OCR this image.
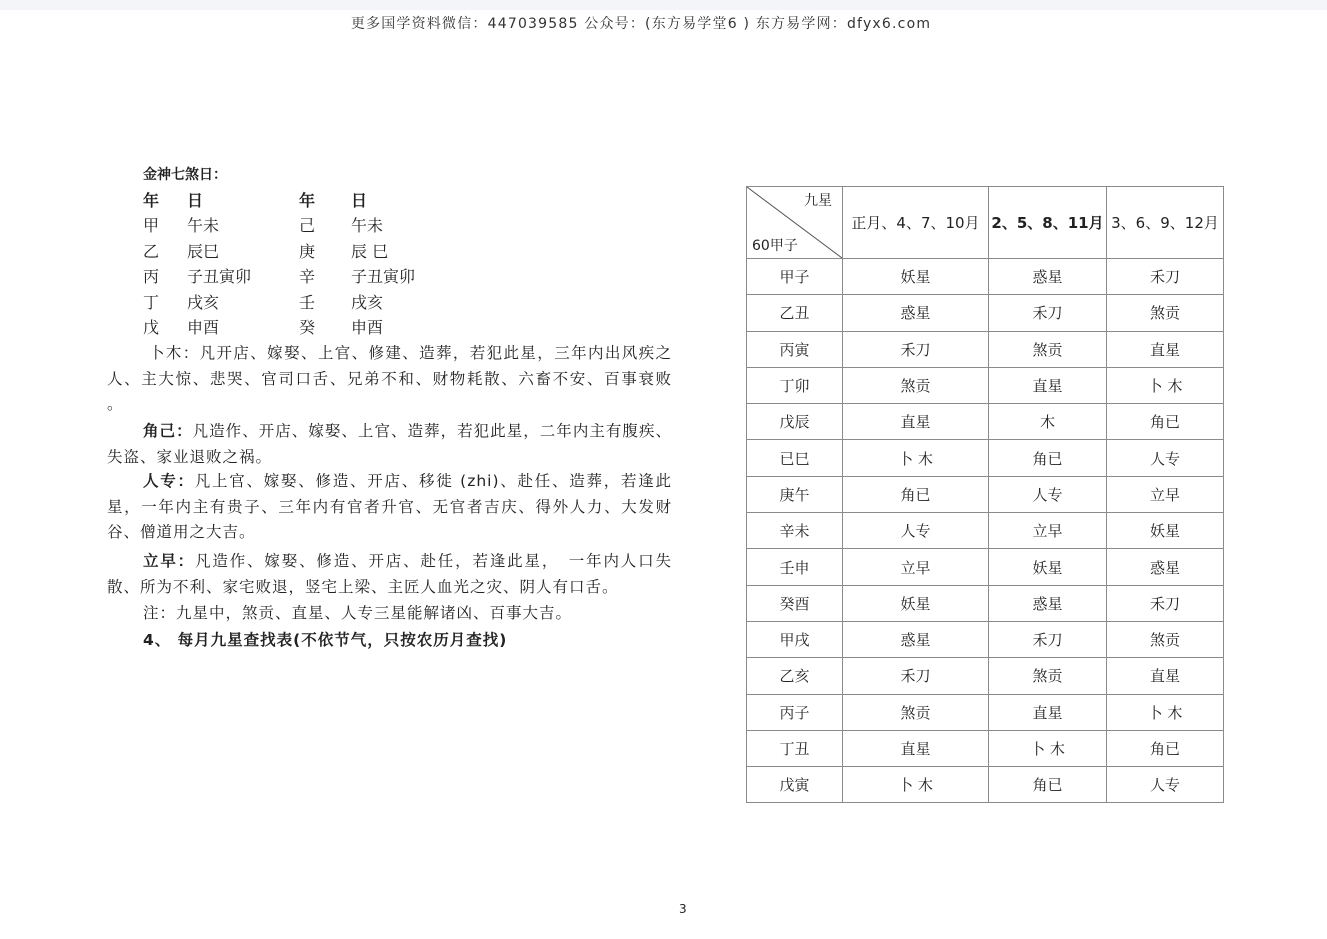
更多国学资料微信：447039585 公众号：(东方易学堂6 ) 东方易学网：dfyx6.com
金神七煞日：
年 日	年 日
甲 午未	己 午未
乙 辰巳	庚 辰 巳
丙 子丑寅卯	辛 子丑寅卯
丁 戌亥	壬 戌亥
戊 申酉	癸 申酉
卜木：凡开店、嫁娶、上官、修建、造葬，若犯此星，三年内出风疾之人、主大惊、悲哭、官司口舌、兄弟不和、财物耗散、六畜不安、百事衰败 。
角己：凡造作、开店、嫁娶、上官、造葬，若犯此星，二年内主有腹疾、失盗、家业退败之祸。
人专：凡上官、嫁娶、修造、开店、移徙 (zhi)、赴任、造葬，若逢此星，一年内主有贵子、三年内有官者升官、无官者吉庆、得外人力、大发财谷、僧道用之大吉。
立早：凡造作、嫁娶、修造、开店、赴任，若逢此星，　一年内人口失散、所为不利、家宅败退，竖宅上梁、主匠人血光之灾、阴人有口舌。
注：九星中，煞贡、直星、人专三星能解诸凶、百事大吉。
4、 每月九星查找表(不依节气，只按农历月查找)
九星
60甲子	正月、4、7、10月	2、5、8、11月	3、6、9、12月
甲子	妖星	惑星	禾刀
乙丑	惑星	禾刀	煞贡
丙寅	禾刀	煞贡	直星
丁卯	煞贡	直星	卜 木
戊辰	直星	木	角已
已巳	卜 木	角已	人专
庚午	角已	人专	立早
辛未	人专	立早	妖星
壬申	立早	妖星	惑星
癸酉	妖星	惑星	禾刀
甲戌	惑星	禾刀	煞贡
乙亥	禾刀	煞贡	直星
丙子	煞贡	直星	卜 木
丁丑	直星	卜 木	角已
戊寅	卜 木	角已	人专
3
